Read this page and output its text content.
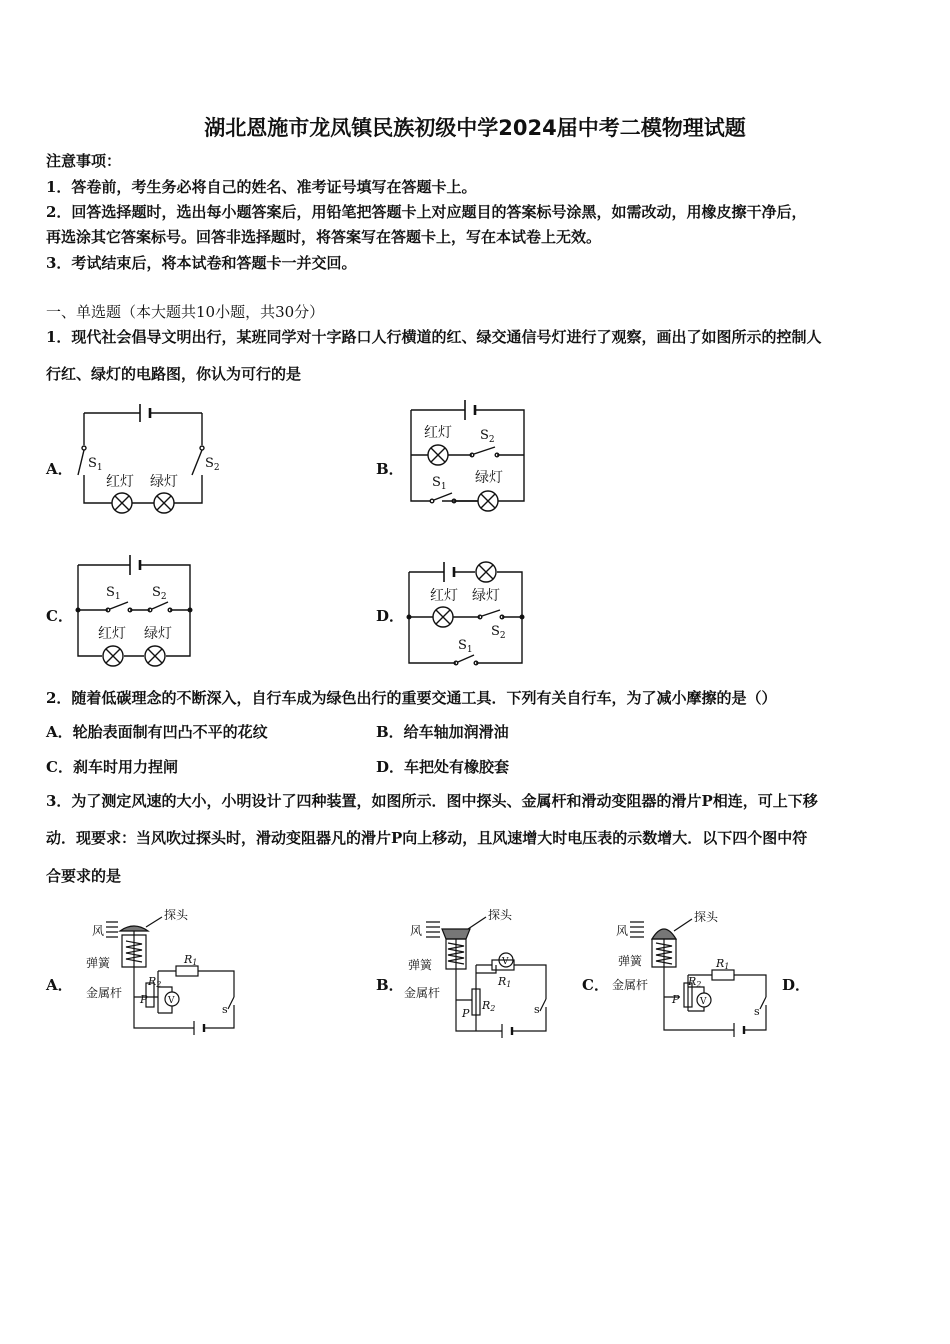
湖北恩施市龙凤镇民族初级中学2024届中考二模物理试题
注意事项：
1．答卷前，考生务必将自己的姓名、准考证号填写在答题卡上。
2．回答选择题时，选出每小题答案后，用铅笔把答题卡上对应题目的答案标号涂黑，如需改动，用橡皮擦干净后，
再选涂其它答案标号。回答非选择题时，将答案写在答题卡上，写在本试卷上无效。
3．考试结束后，将本试卷和答题卡一并交回。
一、单选题（本大题共10小题，共30分）
1．现代社会倡导文明出行，某班同学对十字路口人行横道的红、绿交通信号灯进行了观察，画出了如图所示的控制人
行红、绿灯的电路图，你认为可行的是
A．	B．
C．	D．
$S_1$	$S_2$
红灯 绿灯
红灯 $S_2$
绿灯
$S_1$
$S_1$ $S_2$
红灯 绿灯
红灯 绿灯
$S_2$
$S_1$
2．随着低碳理念的不断深入，自行车成为绿色出行的重要交通工具．下列有关自行车，为了减小摩擦的是（）
A．轮胎表面制有凹凸不平的花纹	B．给车轴加润滑油
C．刹车时用力捏闸	D．车把处有橡胶套
3．为了测定风速的大小，小明设计了四种装置，如图所示．图中探头、金属杆和滑动变阻器的滑片P相连，可上下移
动．现要求：当风吹过探头时，滑动变阻器凡的滑片P向上移动，且风速增大时电压表的示数增大．以下四个图中符
合要求的是
A．	B．	C．	D．
风
探头
弹簧
金属杆 P
R2
R1
V
s
风
探头
弹簧
金属杆
P
R2
R1
V
s
风
探头
弹簧
金属杆
P
R2
R1
V
s
